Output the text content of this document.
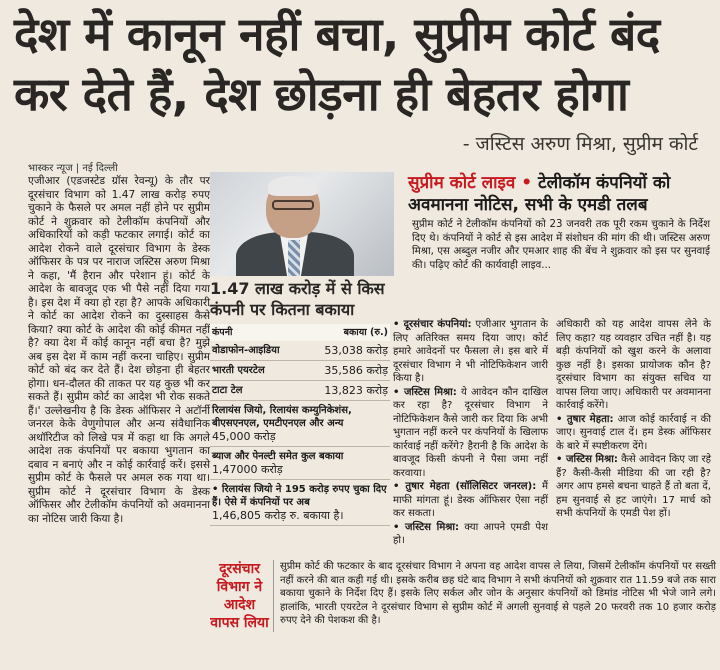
देश में कानून नहीं बचा, सुप्रीम कोर्ट बंद कर देते हैं, देश छोड़ना ही बेहतर होगा
- जस्टिस अरुण मिश्रा, सुप्रीम कोर्ट
भास्कर न्यूज | नई दिल्ली

एजीआर (एडजस्टेड ग्रॉस रेवन्यू) के तौर पर दूरसंचार विभाग को 1.47 लाख करोड़ रुपए चुकाने के फैसले पर अमल नहीं होने पर सुप्रीम कोर्ट ने शुक्रवार को टेलीकॉम कंपनियों और अधिकारियों को कड़ी फटकार लगाई। कोर्ट का आदेश रोकने वाले दूरसंचार विभाग के डेस्क ऑफिसर के पत्र पर नाराज जस्टिस अरुण मिश्रा ने कहा, 'मैं हैरान और परेशान हूं। कोर्ट के आदेश के बावजूद एक भी पैसे नहीं दिया गया है। इस देश में क्या हो रहा है? आपके अधिकारी ने कोर्ट का आदेश रोकने का दुस्साहस कैसे किया? क्या कोर्ट के आदेश की कोई कीमत नहीं है? क्या देश में कोई कानून नहीं बचा है? मुझे अब इस देश में काम नहीं करना चाहिए। सुप्रीम कोर्ट को बंद कर देते हैं। देश छोड़ना ही बेहतर होगा। धन-दौलत की ताकत पर यह कुछ भी कर सकते हैं। सुप्रीम कोर्ट का आदेश भी रोक सकते हैं।' उल्लेखनीय है कि डेस्क ऑफिसर ने अटॉर्नी जनरल केके वेणुगोपाल और अन्य संवैधानिक अथॉरिटीज को लिखे पत्र में कहा था कि अगले आदेश तक कंपनियों पर बकाया भुगतान का दबाव न बनाएं और न कोई कार्रवाई करें। इससे सुप्रीम कोर्ट के फैसले पर अमल रुक गया था। सुप्रीम कोर्ट ने दूरसंचार विभाग के डेस्क ऑफिसर और टेलीकॉम कंपनियों को अवमानना का नोटिस जारी किया है।

सुप्रीम कोर्ट लाइव • टेलीकॉम कंपनियों को अवमानना नोटिस, सभी के एमडी तलब
सुप्रीम कोर्ट ने टेलीकॉम कंपनियों को 23 जनवरी तक पूरी रकम चुकाने के निर्देश दिए थे। कंपनियों ने कोर्ट से इस आदेश में संशोधन की मांग की थी। जस्टिस अरुण मिश्रा, एस अब्दुल नजीर और एमआर शाह की बेंच ने शुक्रवार को इस पर सुनवाई की। पढ़िए कोर्ट की कार्यवाही लाइव...
1.47 लाख करोड़ में से किस कंपनी पर कितना बकाया
कंपनी	बकाया (रु.)
वोडाफोन-आइडिया	53,038 करोड़
भारती एयरटेल	35,586 करोड़
टाटा टेल	13,823 करोड़
रिलायंस जियो, रिलायंस कम्युनिकेशंस, बीएसएनएल, एमटीएनएल और अन्य
45,000 करोड़
ब्याज और पेनल्टी समेत कुल बकाया
1,47000 करोड़
• रिलायंस जियो ने 195 करोड़ रुपए चुका दिए हैं। ऐसे में कंपनियों पर अब
1,46,805 करोड़ रु. बकाया है।

• दूरसंचार कंपनियां: एजीआर भुगतान के लिए अतिरिक्त समय दिया जाए। कोर्ट हमारे आवेदनों पर फैसला ले। इस बारे में दूरसंचार विभाग ने भी नोटिफिकेशन जारी किया है।

• जस्टिस मिश्रा: ये आवेदन कौन दाखिल कर रहा है? दूरसंचार विभाग ने नोटिफिकेशन कैसे जारी कर दिया कि अभी भुगतान नहीं करने पर कंपनियों के खिलाफ कार्रवाई नहीं करेंगे? हैरानी है कि आदेश के बावजूद किसी कंपनी ने पैसा जमा नहीं करवाया।

• तुषार मेहता (सॉलिसिटर जनरल): मैं माफी मांगता हूं। डेस्क ऑफिसर ऐसा नहीं कर सकता।

• जस्टिस मिश्रा: क्या आपने एमडी पेश हो।

अधिकारी को यह आदेश वापस लेने के लिए कहा? यह व्यवहार उचित नहीं है। यह बड़ी कंपनियों को खुश करने के अलावा कुछ नहीं है। इसका प्रायोजक कौन है? दूरसंचार विभाग का संयुक्त सचिव या वापस लिया जाए। अधिकारी पर अवमानना कार्रवाई करेंगे।

• तुषार मेहता: आज कोई कार्रवाई न की जाए। सुनवाई टाल दें। हम डेस्क ऑफिसर के बारे में स्पष्टीकरण देंगे।

• जस्टिस मिश्रा: कैसे आवेदन किए जा रहे हैं? कैसी-कैसी मीडिया की जा रही है? अगर आप हमसे बचना चाहते हैं तो बता दें, हम सुनवाई से हट जाएंगे। 17 मार्च को सभी कंपनियों के एमडी पेश हों।

दूरसंचार विभाग ने आदेश वापस लिया
सुप्रीम कोर्ट की फटकार के बाद दूरसंचार विभाग ने अपना वह आदेश वापस ले लिया, जिसमें टेलीकॉम कंपनियों पर सख्ती नहीं करने की बात कही गई थी। इसके करीब छह घंटे बाद विभाग ने सभी कंपनियों को शुक्रवार रात 11.59 बजे तक सारा बकाया चुकाने के निर्देश दिए हैं। इसके लिए सर्कल और जोन के अनुसार कंपनियों को डिमांड नोटिस भी भेजे जाने लगे। हालांकि, भारती एयरटेल ने दूरसंचार विभाग से सुप्रीम कोर्ट में अगली सुनवाई से पहले 20 फरवरी तक 10 हजार करोड़ रुपए देने की पेशकश की है।
